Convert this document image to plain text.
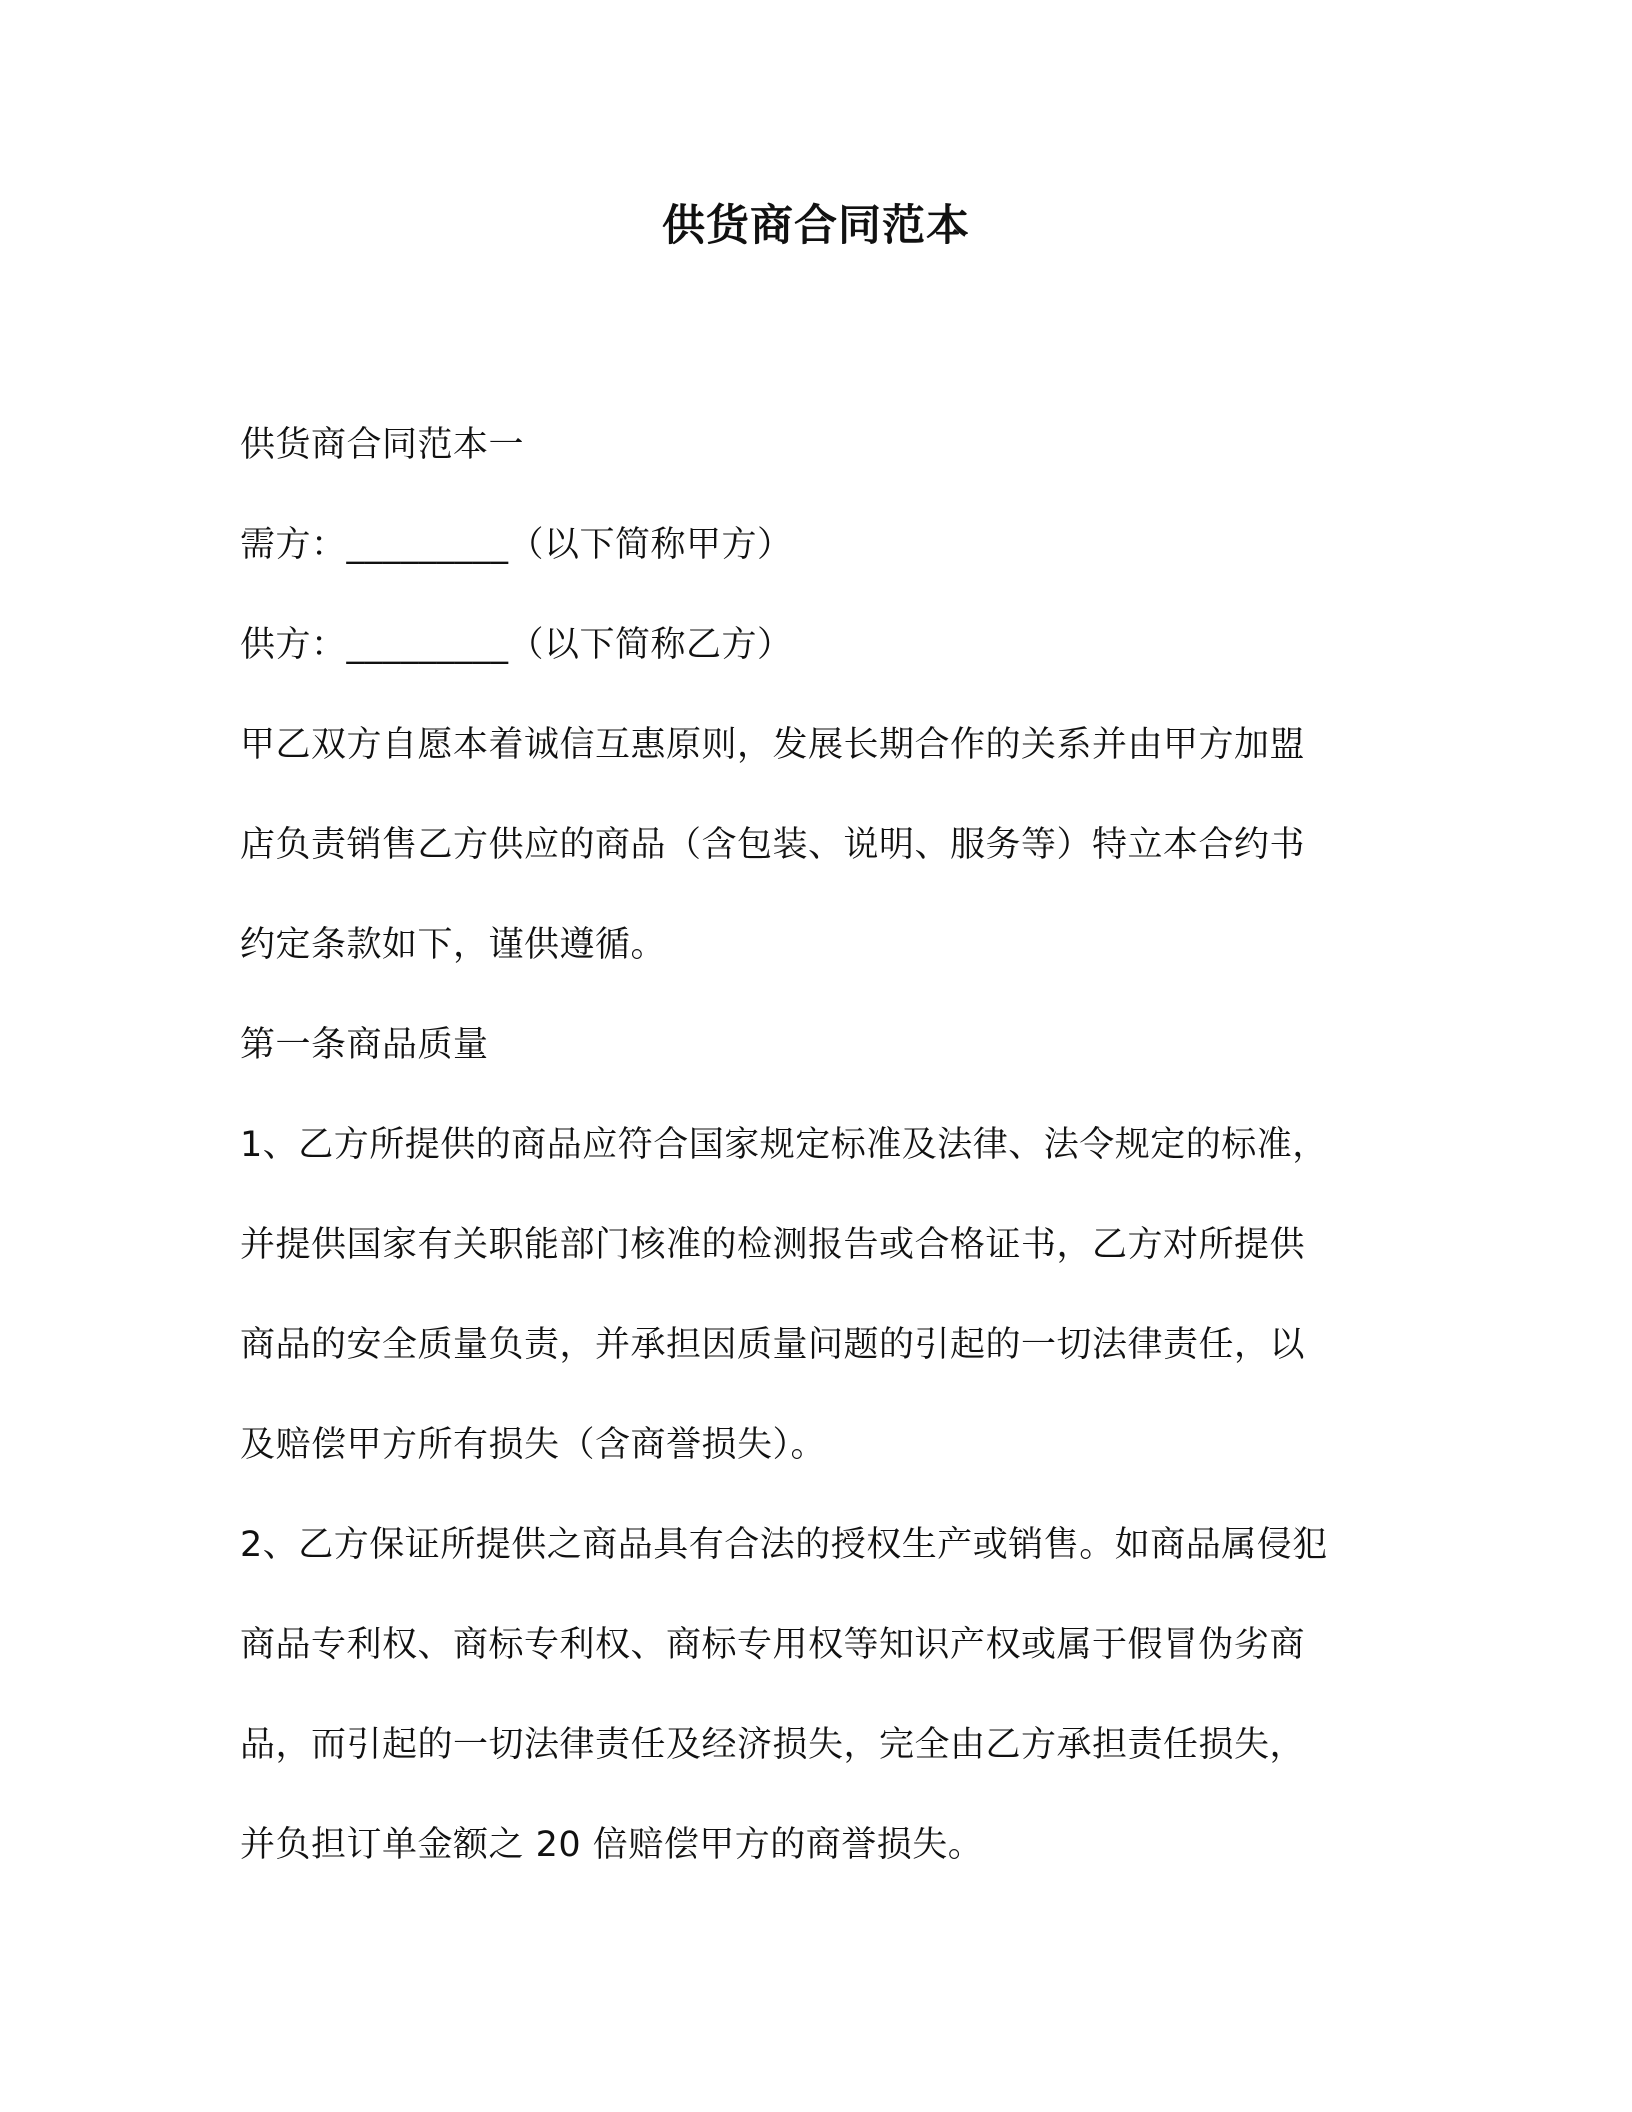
供货商合同范本
供货商合同范本一
需方：_________（以下简称甲方）
供方：_________（以下简称乙方）
甲乙双方自愿本着诚信互惠原则，发展长期合作的关系并由甲方加盟
店负责销售乙方供应的商品（含包装、说明、服务等）特立本合约书
约定条款如下，谨供遵循。
第一条商品质量
1、乙方所提供的商品应符合国家规定标准及法律、法令规定的标准，
并提供国家有关职能部门核准的检测报告或合格证书，乙方对所提供
商品的安全质量负责，并承担因质量问题的引起的一切法律责任，以
及赔偿甲方所有损失（含商誉损失）。
2、乙方保证所提供之商品具有合法的授权生产或销售。如商品属侵犯
商品专利权、商标专利权、商标专用权等知识产权或属于假冒伪劣商
品，而引起的一切法律责任及经济损失，完全由乙方承担责任损失，
并负担订单金额之 20 倍赔偿甲方的商誉损失。
